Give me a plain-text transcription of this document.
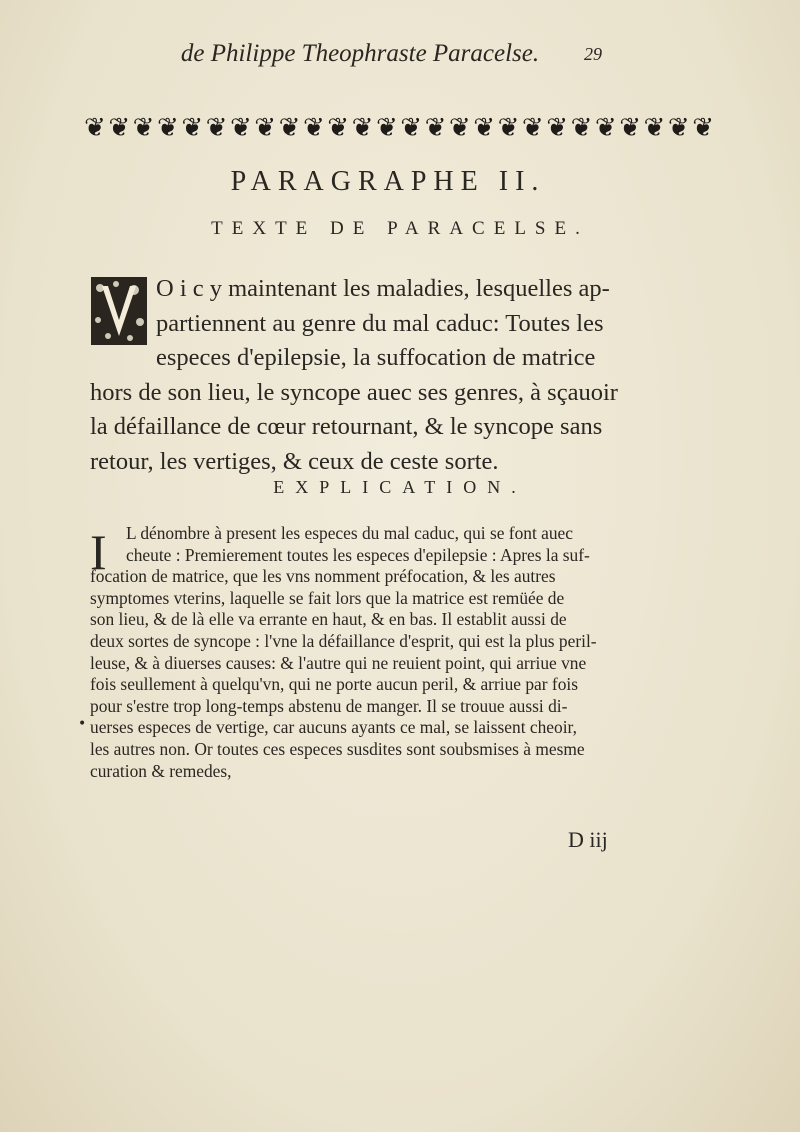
de Philippe Theophraste Paracelse.	29
❦ ❦ ❦ ❦ ❦ ❦ ❦ ❦ ❦ ❦ ❦ ❦ ❦ ❦ ❦ ❦ ❦ ❦ ❦ ❦ ❦ ❦ ❦ ❦ ❦ ❦
PARAGRAPHE II.
TEXTE DE PARACELSE.
O i c y maintenant les maladies, lesquelles ap-
partiennent au genre du mal caduc: Toutes les
especes d'epilepsie, la suffocation de matrice
hors de son lieu, le syncope auec ses genres, à sçauoir
la défaillance de cœur retournant, & le syncope sans
retour, les vertiges, & ceux de ceste sorte.
EXPLICATION.
I	L dénombre à present les especes du mal caduc, qui se font auec
cheute : Premierement toutes les especes d'epilepsie : Apres la suf-
focation de matrice, que les vns nomment préfocation, & les autres
symptomes vterins, laquelle se fait lors que la matrice est remüée de
son lieu, & de là elle va errante en haut, & en bas. Il establit aussi de
deux sortes de syncope : l'vne la défaillance d'esprit, qui est la plus peril-
leuse, & à diuerses causes: & l'autre qui ne reuient point, qui arriue vne
fois seullement à quelqu'vn, qui ne porte aucun peril, & arriue par fois
pour s'estre trop long-temps abstenu de manger. Il se trouue aussi di-
uerses especes de vertige, car aucuns ayants ce mal, se laissent cheoir,
les autres non. Or toutes ces especes susdites sont soubsmises à mesme
curation & remedes,
•
D iij
